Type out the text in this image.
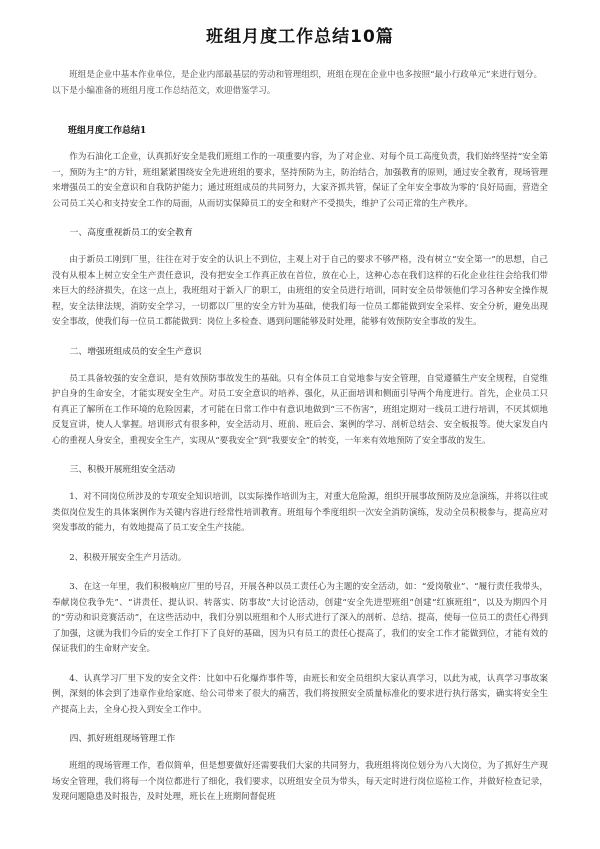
班组月度工作总结10篇

班组是企业中基本作业单位，是企业内部最基层的劳动和管理组织，班组在现在企业中也多按照“最小行政单元”来进行划分。以下是小编准备的班组月度工作总结范文，欢迎借鉴学习。

班组月度工作总结1

作为石油化工企业，认真抓好安全是我们班组工作的一项重要内容，为了对企业、对每个员工高度负责，我们始终坚持“安全第一，预防为主”的方针，班组紧紧围绕安全先进班组的要求，坚持预防为主，防治结合，加强教育的原则，通过安全教育，现场管理来增强员工的安全意识和自我防护能力；通过班组成员的共同努力，大家齐抓共管，保证了全年安全事故为零的‘良好局面，营造全公司员工关心和支持安全工作的局面，从而切实保障员工的安全和财产不受损失，维护了公司正常的生产秩序。

一、高度重视新员工的安全教育

由于新员工刚到厂里，往往在对于安全的认识上不到位，主观上对于自己的要求不够严格，没有树立“安全第一”的思想，自己没有从根本上树立安全生产责任意识，没有把安全工作真正放在首位，放在心上，这种心态在我们这样的石化企业往往会给我们带来巨大的经济损失，在这一点上，我班组对于新入厂的职工，由班组的安全员进行培训，同时安全员带领他们学习各种安全操作规程，安全法律法规，消防安全学习，一切都以厂里的安全方针为基础，使我们每一位员工都能做到安全采样、安全分析，避免出现安全事故，使我们每一位员工都能做到：岗位上多检查、遇到问题能够及时处理，能够有效预防安全事故的发生。

二、增强班组成员的安全生产意识

员工具备较强的安全意识，是有效预防事故发生的基础。只有全体员工自觉地参与安全管理，自觉遵循生产安全规程，自觉维护自身的生命安全，才能实现安全生产。对员工安全意识的培养、强化，从正面培训和侧面引导两个角度进行。首先，企业员工只有真正了解所在工作环境的危险因素，才可能在日常工作中有意识地做到“三不伤害”，班组定期对一线员工进行培训，不厌其烦地反复宣讲，使人人掌握。培训形式有很多种，安全活动月、班前、班后会、案例的学习、剖析总结会、安全板报等。使大家发自内心的重视人身安全，重视安全生产，实现从“要我安全”到“我要安全”的转变，一年来有效地预防了安全事故的发生。

三、积极开展班组安全活动

1、对不同岗位所涉及的专项安全知识培训，以实际操作培训为主，对重大危险源，组织开展事故预防及应急演练，并将以往或类似岗位发生的具体案例作为关键内容进行经常性培训教育。班组每个季度组织一次安全消防演练，发动全员积极参与，提高应对突发事故的能力，有效地提高了员工安全生产技能。

2、积极开展安全生产月活动。

3、在这一年里，我们积极响应厂里的号召，开展各种以员工责任心为主题的安全活动，如：“爱岗敬业”、“履行责任我带头，奉献岗位我争先”、“讲责任、提认识、转落实、防事故”大讨论活动，创建“安全先进型班组”创建“红旗班组”，以及为期四个月的“劳动和识竞赛活动”，在这些活动中，我们分别以班组和个人形式进行了深入的剖析、总结、提高，使每一位员工的责任心得到了加强，这就为我们今后的安全工作打下了良好的基础，因为只有员工的责任心提高了，我们的安全工作才能做到位，才能有效的保证我们的生命财产安全。

4、认真学习厂里下发的安全文件：比如中石化爆炸事件等，由班长和安全员组织大家认真学习，以此为戒，认真学习事故案例，深刻的体会到了违章作业给家庭、给公司带来了很大的痛苦，我们将按照安全质量标准化的要求进行执行落实，确实将安全生产提高上去，全身心投入到安全工作中。

四、抓好班组现场管理工作

班组的现场管理工作，看似简单，但是想要做好还需要我们大家的共同努力，我班组将岗位划分为八大岗位，为了抓好生产现场安全管理，我们将每一个岗位都进行了细化，我们要求，以班组安全员为带头，每天定时进行岗位巡检工作，并做好检查记录，发现问题隐患及时报告，及时处理，班长在上班期间督促班
